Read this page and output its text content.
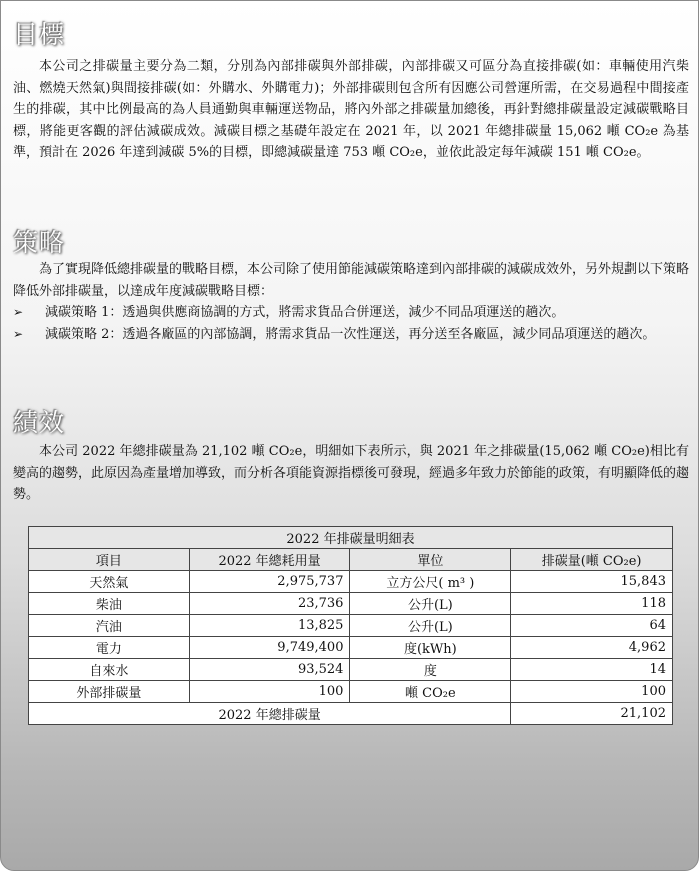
目標

本公司之排碳量主要分為二類，分別為內部排碳與外部排碳，內部排碳又可區分為直接排碳(如：車輛使用汽柴油、燃燒天然氣)與間接排碳(如：外購水、外購電力)；外部排碳則包含所有因應公司營運所需，在交易過程中間接產生的排碳，其中比例最高的為人員通勤與車輛運送物品，將內外部之排碳量加總後，再針對總排碳量設定減碳戰略目標，將能更客觀的評估減碳成效。減碳目標之基礎年設定在 2021 年，以 2021 年總排碳量 15,062 噸 CO₂e 為基準，預計在 2026 年達到減碳 5%的目標，即總減碳量達 753 噸 CO₂e，並依此設定每年減碳 151 噸 CO₂e。

策略

為了實現降低總排碳量的戰略目標，本公司除了使用節能減碳策略達到內部排碳的減碳成效外，另外規劃以下策略降低外部排碳量，以達成年度減碳戰略目標：

➢ 減碳策略 1：透過與供應商協調的方式，將需求貨品合併運送，減少不同品項運送的趟次。
➢ 減碳策略 2：透過各廠區的內部協調，將需求貨品一次性運送，再分送至各廠區，減少同品項運送的趟次。
績效

本公司 2022 年總排碳量為 21,102 噸 CO₂e，明細如下表所示，與 2021 年之排碳量(15,062 噸 CO₂e)相比有變高的趨勢，此原因為產量增加導致，而分析各項能資源指標後可發現，經過多年致力於節能的政策，有明顯降低的趨勢。

2022 年排碳量明細表			
項目	2022 年總耗用量	單位	排碳量(噸 CO₂e)
天然氣	2,975,737	立方公尺( m³ )	15,843
柴油	23,736	公升(L)	118
汽油	13,825	公升(L)	64
電力	9,749,400	度(kWh)	4,962
自來水	93,524	度	14
外部排碳量	100	噸 CO₂e	100
2022 年總排碳量			21,102
